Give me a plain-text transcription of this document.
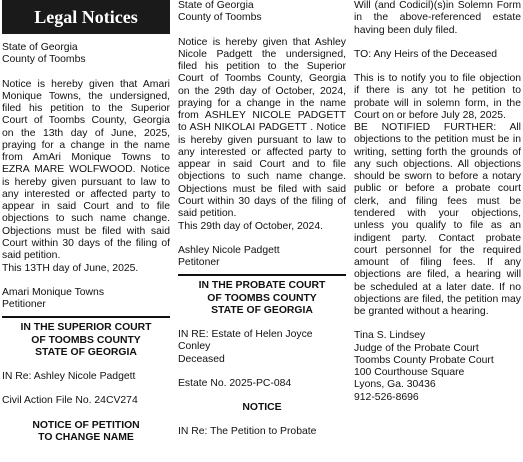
Legal Notices

State of Georgia
County of Toombs

Notice is hereby given that Amari Monique Towns, the undersigned, filed his petition to the Superior Court of Toombs County, Georgia on the 13th day of June, 2025, praying for a change in the name from AmAri Monique Towns to EZRA MARE WOLFWOOD. Notice is hereby given pursuant to law to any interested or affected party to appear in said Court and to file objections to such name change. Objections must be filed with said Court within 30 days of the filing of said petition.

This 13TH day of June, 2025.

Amari Monique Towns
Petitioner

IN THE SUPERIOR COURT
OF TOOMBS COUNTY
STATE OF GEORGIA

IN Re: Ashley Nicole Padgett

Civil Action File No. 24CV274

NOTICE OF PETITION
TO CHANGE NAME

State of Georgia
County of Toombs

Notice is hereby given that Ashley Nicole Padgett the undersigned, filed his petition to the Superior Court of Toombs County, Georgia on the 29th day of October, 2024, praying for a change in the name from ASHLEY NICOLE PADGETT to ASH NIKOLAI PADGETT . Notice is hereby given pursuant to law to any interested or affected party to appear in said Court and to file objections to such name change. Objections must be filed with said Court within 30 days of the filing of said petition.

This 29th day of October, 2024.

Ashley Nicole Padgett
Petitoner

IN THE PROBATE COURT
OF TOOMBS COUNTY
STATE OF GEORGIA

IN RE: Estate of Helen Joyce Conley
Deceased

Estate No. 2025-PC-084

NOTICE

IN Re: The Petition to Probate

Will (and Codicil)(s)in Solemn Form in the above-referenced estate having been duly filed.

TO: Any Heirs of the Deceased

This is to notify you to file objection if there is any tot he petition to probate will in solemn form, in the Court on or before July 28, 2025.

BE NOTIFIED FURTHER: All objections to the petition must be in writing, setting forth the grounds of any such objections. All objections should be sworn to before a notary public or before a probate court clerk, and filing fees must be tendered with your objections, unless you qualify to file as an indigent party. Contact probate court personnel for the required amount of filing fees. If any objections are filed, a hearing will be scheduled at a later date. If no objections are filed, the petition may be granted without a hearing.

Tina S. Lindsey
Judge of the Probate Court
Toombs County Probate Court
100 Courthouse Square
Lyons, Ga. 30436
912-526-8696
